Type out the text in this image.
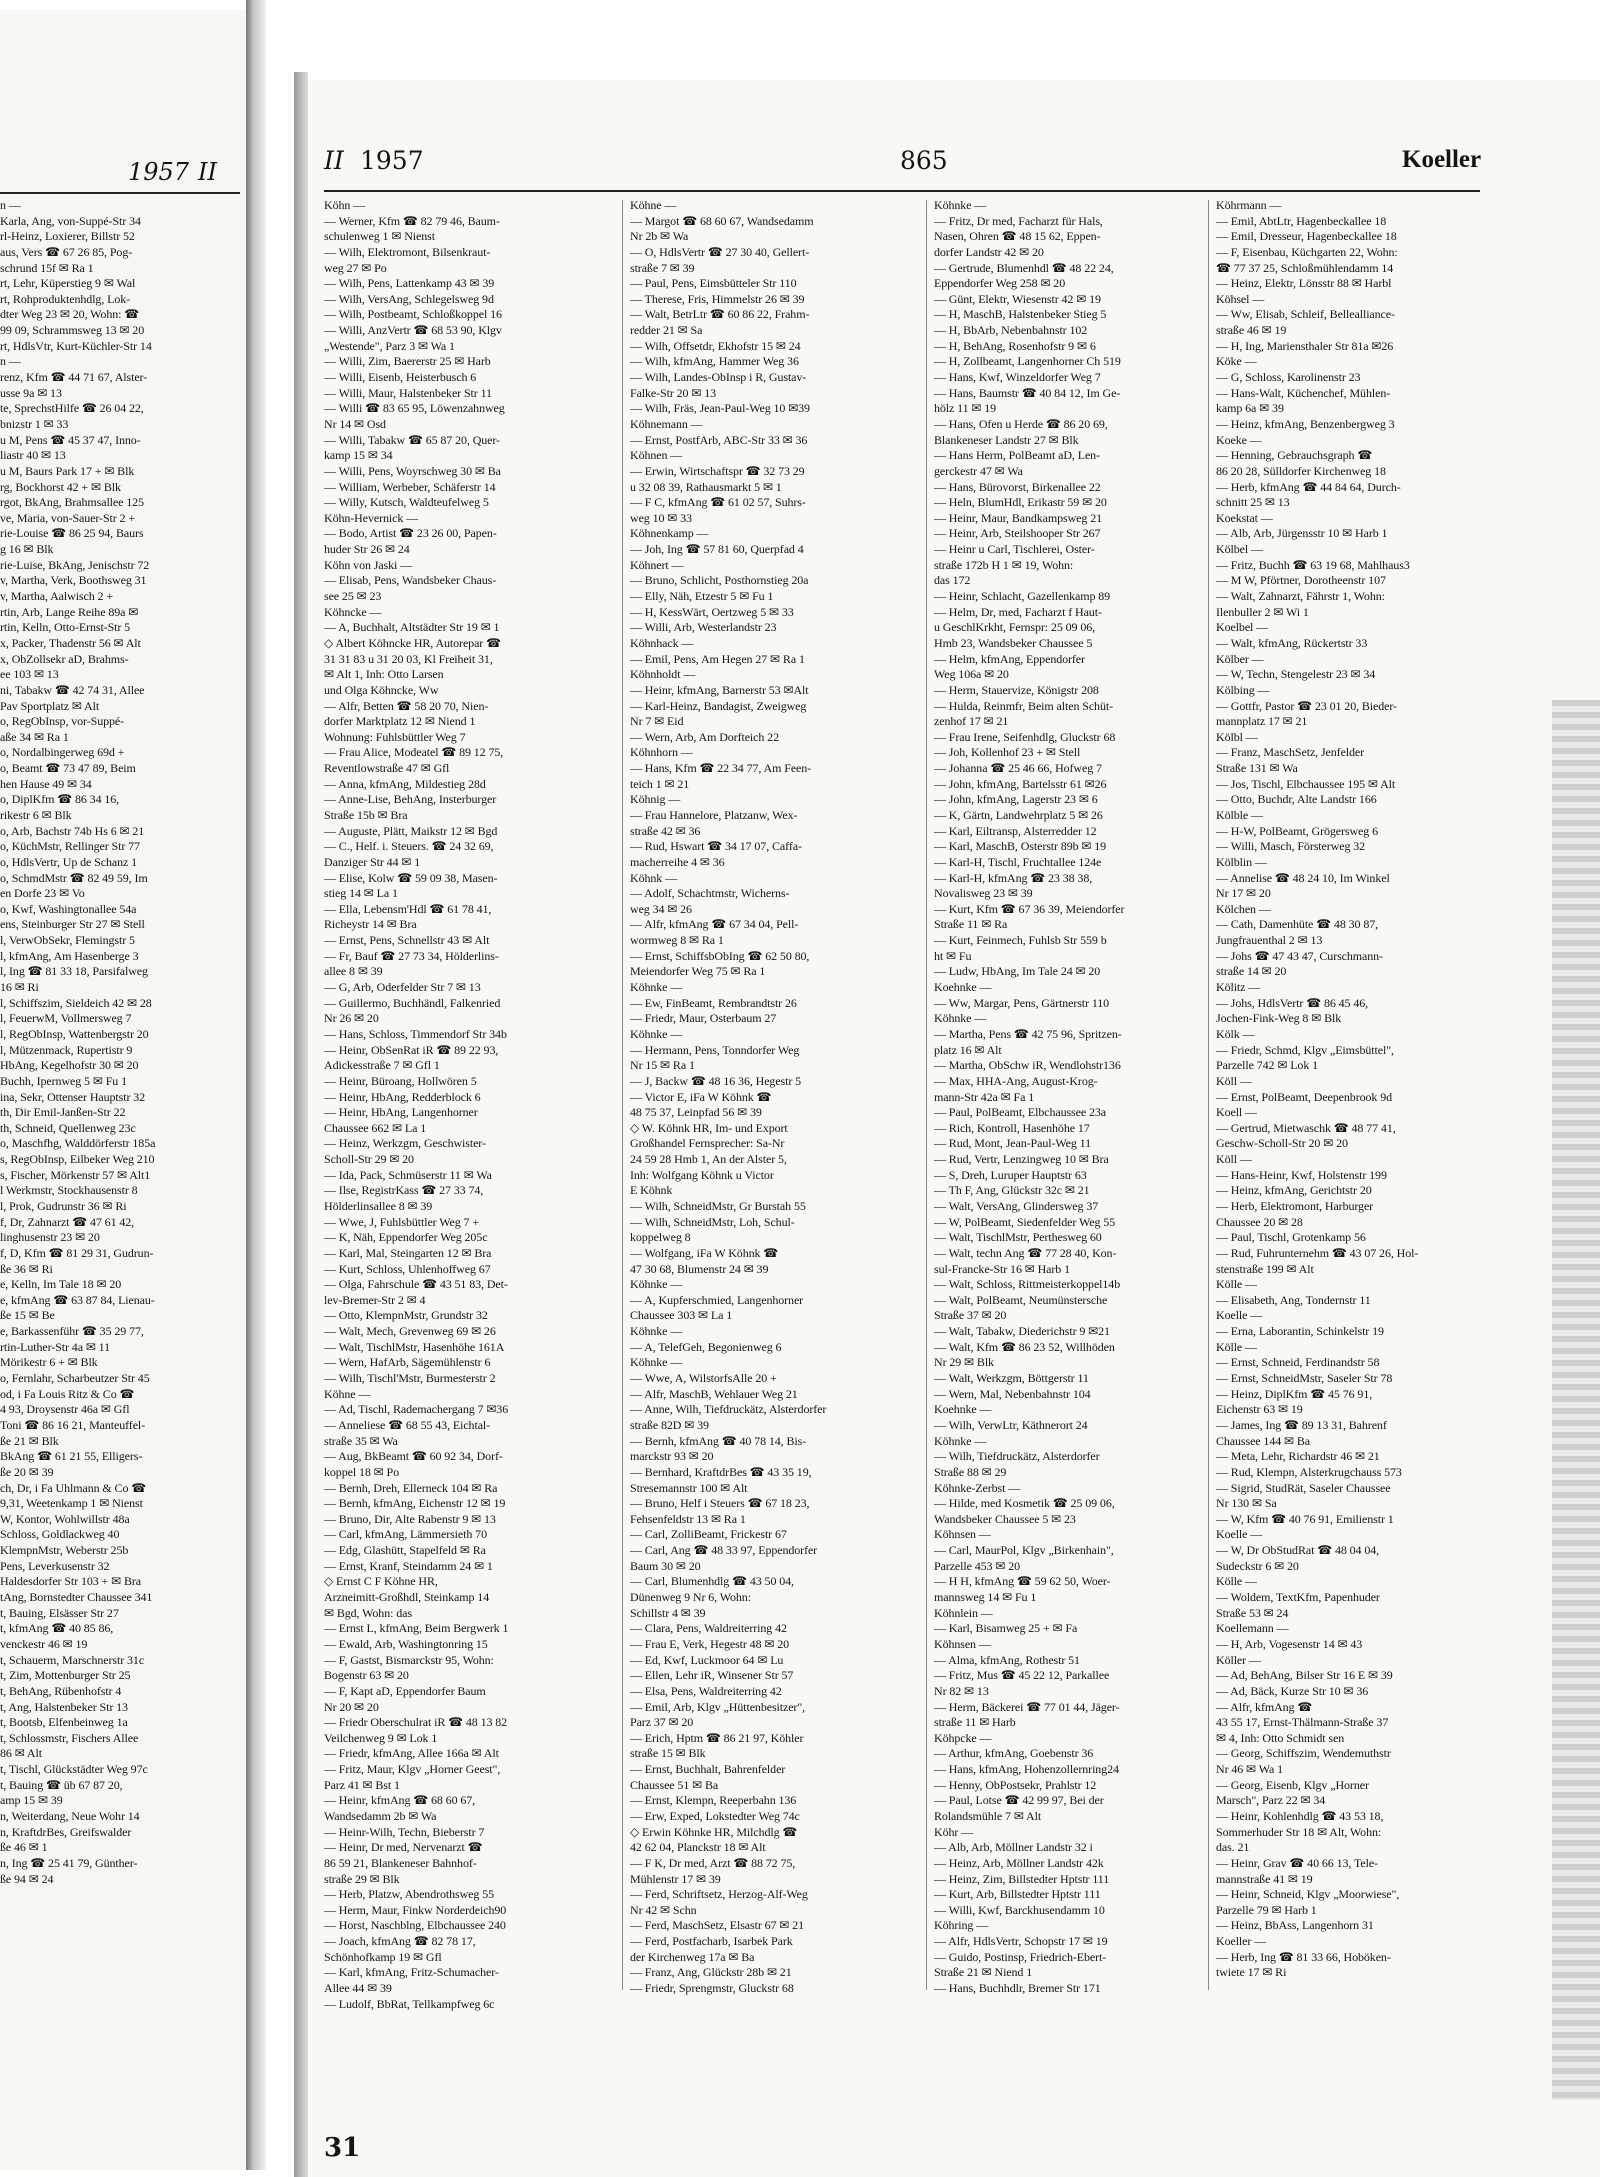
1957 II
n —
Karla, Ang, von-Suppé-Str 34
rl-Heinz, Loxierer, Billstr 52
aus, Vers ☎ 67 26 85, Pog-
schrund 15f ✉ Ra 1
rt, Lehr, Küperstieg 9 ✉ Wal
rt, Rohproduktenhdlg, Lok-
dter Weg 23 ✉ 20, Wohn: ☎
99 09, Schrammsweg 13 ✉ 20
rt, HdlsVtr, Kurt-Küchler-Str 14
n —
renz, Kfm ☎ 44 71 67, Alster-
usse 9a ✉ 13
te, SprechstHilfe ☎ 26 04 22,
bnizstr 1 ✉ 33
u M, Pens ☎ 45 37 47, Inno-
liastr 40 ✉ 13
u M, Baurs Park 17 + ✉ Blk
rg, Bockhorst 42 + ✉ Blk
rgot, BkAng, Brahmsallee 125
ve, Maria, von-Sauer-Str 2 +
rie-Louise ☎ 86 25 94, Baurs
g 16 ✉ Blk
rie-Luise, BkAng, Jenischstr 72
v, Martha, Verk, Boothsweg 31
v, Martha, Aalwisch 2 +
rtin, Arb, Lange Reihe 89a ✉
rtin, Kelln, Otto-Ernst-Str 5
x, Packer, Thadenstr 56 ✉ Alt
x, ObZollsekr aD, Brahms-
ee 103 ✉ 13
ni, Tabakw ☎ 42 74 31, Allee
Pav Sportplatz ✉ Alt
o, RegObInsp, vor-Suppé-
aße 34 ✉ Ra 1
o, Nordalbingerweg 69d +
o, Beamt ☎ 73 47 89, Beim
hen Hause 49 ✉ 34
o, DiplKfm ☎ 86 34 16,
rikestr 6 ✉ Blk
o, Arb, Bachstr 74b Hs 6 ✉ 21
o, KüchMstr, Rellinger Str 77
o, HdlsVertr, Up de Schanz 1
o, SchmdMstr ☎ 82 49 59, Im
en Dorfe 23 ✉ Vo
o, Kwf, Washingtonallee 54a
ens, Steinburger Str 27 ✉ Stell
l, VerwObSekr, Flemingstr 5
l, kfmAng, Am Hasenberge 3
l, Ing ☎ 81 33 18, Parsifalweg
16 ✉ Ri
l, Schiffszim, Sieldeich 42 ✉ 28
l, FeuerwM, Vollmersweg 7
l, RegObInsp, Wattenbergstr 20
l, Mützenmack, Rupertistr 9
HbAng, Kegelhofstr 30 ✉ 20
Buchh, Ipernweg 5 ✉ Fu 1
ina, Sekr, Ottenser Hauptstr 32
th, Dir Emil-Janßen-Str 22
th, Schneid, Quellenweg 23c
o, Maschfhg, Walddörferstr 185a
s, RegObInsp, Eilbeker Weg 210
s, Fischer, Mörkenstr 57 ✉ Alt1
l Werkmstr, Stockhausenstr 8
l, Prok, Gudrunstr 36 ✉ Ri
f, Dr, Zahnarzt ☎ 47 61 42,
linghusenstr 23 ✉ 20
f, D, Kfm ☎ 81 29 31, Gudrun-
ße 36 ✉ Ri
e, Kelln, Im Tale 18 ✉ 20
e, kfmAng ☎ 63 87 84, Lienau-
ße 15 ✉ Be
e, Barkassenführ ☎ 35 29 77,
rtin-Luther-Str 4a ✉ 11
Mörikestr 6 + ✉ Blk
o, Fernlahr, Scharbeutzer Str 45
od, i Fa Louis Ritz & Co ☎
4 93, Droysenstr 46a ✉ Gfl
Toni ☎ 86 16 21, Manteuffel-
ße 21 ✉ Blk
BkAng ☎ 61 21 55, Elligers-
ße 20 ✉ 39
ch, Dr, i Fa Uhlmann & Co ☎
9,31, Weetenkamp 1 ✉ Nienst
W, Kontor, Wohlwillstr 48a
Schloss, Goldlackweg 40
KlempnMstr, Weberstr 25b
Pens, Leverkusenstr 32
Haldesdorfer Str 103 + ✉ Bra
tAng, Bornstedter Chaussee 341
t, Bauing, Elsässer Str 27
t, kfmAng ☎ 40 85 86,
venckestr 46 ✉ 19
t, Schauerm, Marschnerstr 31c
t, Zim, Mottenburger Str 25
t, BehAng, Rübenhofstr 4
t, Ang, Halstenbeker Str 13
t, Bootsb, Elfenbeinweg 1a
t, Schlossmstr, Fischers Allee
86 ✉ Alt
t, Tischl, Glückstädter Weg 97c
t, Bauing ☎ üb 67 87 20,
amp 15 ✉ 39
n, Weiterdang, Neue Wohr 14
n, KraftdrBes, Greifswalder
ße 46 ✉ 1
n, Ing ☎ 25 41 79, Günther-
ße 94 ✉ 24
II 1957	865	Koeller
Köhn —
— Werner, Kfm ☎ 82 79 46, Baum-
schulenweg 1 ✉ Nienst
— Wilh, Elektromont, Bilsenkraut-
weg 27 ✉ Po
— Wilh, Pens, Lattenkamp 43 ✉ 39
— Wilh, VersAng, Schlegelsweg 9d
— Wilh, Postbeamt, Schloßkoppel 16
— Willi, AnzVertr ☎ 68 53 90, Klgv
„Westende", Parz 3 ✉ Wa 1
— Willi, Zim, Baererstr 25 ✉ Harb
— Willi, Eisenb, Heisterbusch 6
— Willi, Maur, Halstenbeker Str 11
— Willi ☎ 83 65 95, Löwenzahnweg
Nr 14 ✉ Osd
— Willi, Tabakw ☎ 65 87 20, Quer-
kamp 15 ✉ 34
— Willi, Pens, Woyrschweg 30 ✉ Ba
— William, Werbeber, Schäferstr 14
— Willy, Kutsch, Waldteufelweg 5
Köhn-Hevernick —
— Bodo, Artist ☎ 23 26 00, Papen-
huder Str 26 ✉ 24
Köhn von Jaski —
— Elisab, Pens, Wandsbeker Chaus-
see 25 ✉ 23
Köhncke —
— A, Buchhalt, Altstädter Str 19 ✉ 1
◇ Albert Köhncke HR, Autorepar ☎
31 31 83 u 31 20 03, Kl Freiheit 31,
✉ Alt 1, Inh: Otto Larsen
und Olga Köhncke, Ww
— Alfr, Betten ☎ 58 20 70, Nien-
dorfer Marktplatz 12 ✉ Niend 1
Wohnung: Fuhlsbüttler Weg 7
— Frau Alice, Modeatel ☎ 89 12 75,
Reventlowstraße 47 ✉ Gfl
— Anna, kfmAng, Mildestieg 28d
— Anne-Lise, BehAng, Insterburger
Straße 15b ✉ Bra
— Auguste, Plätt, Maikstr 12 ✉ Bgd
— C., Helf. i. Steuers. ☎ 24 32 69,
Danziger Str 44 ✉ 1
— Elise, Kolw ☎ 59 09 38, Masen-
stieg 14 ✉ La 1
— Ella, Lebensm'Hdl ☎ 61 78 41,
Richeystr 14 ✉ Bra
— Ernst, Pens, Schnellstr 43 ✉ Alt
— Fr, Bauf ☎ 27 73 34, Hölderlins-
allee 8 ✉ 39
— G, Arb, Oderfelder Str 7 ✉ 13
— Guillermo, Buchhändl, Falkenried
Nr 26 ✉ 20
— Hans, Schloss, Timmendorf Str 34b
— Heinr, ObSenRat iR ☎ 89 22 93,
Adickesstraße 7 ✉ Gfl 1
— Heinr, Büroang, Hollwören 5
— Heinr, HbAng, Redderblock 6
— Heinr, HbAng, Langenhorner
Chaussee 662 ✉ La 1
— Heinz, Werkzgm, Geschwister-
Scholl-Str 29 ✉ 20
— Ida, Pack, Schmüserstr 11 ✉ Wa
— Ilse, RegistrKass ☎ 27 33 74,
Hölderlinsallee 8 ✉ 39
— Wwe, J, Fuhlsbüttler Weg 7 +
— K, Näh, Eppendorfer Weg 205c
— Karl, Mal, Steingarten 12 ✉ Bra
— Kurt, Schloss, Uhlenhoffweg 67
— Olga, Fahrschule ☎ 43 51 83, Det-
lev-Bremer-Str 2 ✉ 4
— Otto, KlempnMstr, Grundstr 32
— Walt, Mech, Grevenweg 69 ✉ 26
— Walt, TischlMstr, Hasenhöhe 161A
— Wern, HafArb, Sägemühlenstr 6
— Wilh, Tischl'Mstr, Burmesterstr 2
Köhne —
— Ad, Tischl, Rademachergang 7 ✉36
— Anneliese ☎ 68 55 43, Eichtal-
straße 35 ✉ Wa
— Aug, BkBeamt ☎ 60 92 34, Dorf-
koppel 18 ✉ Po
— Bernh, Dreh, Ellerneck 104 ✉ Ra
— Bernh, kfmAng, Eichenstr 12 ✉ 19
— Bruno, Dir, Alte Rabenstr 9 ✉ 13
— Carl, kfmAng, Lämmersieth 70
— Edg, Glashütt, Stapelfeld ✉ Ra
— Ernst, Kranf, Steindamm 24 ✉ 1
◇ Ernst C F Köhne HR,
Arzneimitt-Großhdl, Steinkamp 14
✉ Bgd, Wohn: das
— Ernst L, kfmAng, Beim Bergwerk 1
— Ewald, Arb, Washingtonring 15
— F, Gastst, Bismarckstr 95, Wohn:
Bogenstr 63 ✉ 20
— F, Kapt aD, Eppendorfer Baum
Nr 20 ✉ 20
— Friedr Oberschulrat iR ☎ 48 13 82
Veilchenweg 9 ✉ Lok 1
— Friedr, kfmAng, Allee 166a ✉ Alt
— Fritz, Maur, Klgv „Horner Geest",
Parz 41 ✉ Bst 1
— Heinr, kfmAng ☎ 68 60 67,
Wandsedamm 2b ✉ Wa
— Heinr-Wilh, Techn, Bieberstr 7
— Heinr, Dr med, Nervenarzt ☎
86 59 21, Blankeneser Bahnhof-
straße 29 ✉ Blk
— Herb, Platzw, Abendrothsweg 55
— Herm, Maur, Finkw Norderdeich90
— Horst, Naschblng, Elbchaussee 240
— Joach, kfmAng ☎ 82 78 17,
Schönhofkamp 19 ✉ Gfl
— Karl, kfmAng, Fritz-Schumacher-
Allee 44 ✉ 39
— Ludolf, BbRat, Tellkampfweg 6c
Köhne —
— Margot ☎ 68 60 67, Wandsedamm
Nr 2b ✉ Wa
— O, HdlsVertr ☎ 27 30 40, Gellert-
straße 7 ✉ 39
— Paul, Pens, Eimsbütteler Str 110
— Therese, Fris, Himmelstr 26 ✉ 39
— Walt, BetrLtr ☎ 60 86 22, Frahm-
redder 21 ✉ Sa
— Wilh, Offsetdr, Ekhofstr 15 ✉ 24
— Wilh, kfmAng, Hammer Weg 36
— Wilh, Landes-ObInsp i R, Gustav-
Falke-Str 20 ✉ 13
— Wilh, Fräs, Jean-Paul-Weg 10 ✉39
Köhnemann —
— Ernst, PostfArb, ABC-Str 33 ✉ 36
Köhnen —
— Erwin, Wirtschaftspr ☎ 32 73 29
u 32 08 39, Rathausmarkt 5 ✉ 1
— F C, kfmAng ☎ 61 02 57, Suhrs-
weg 10 ✉ 33
Köhnenkamp —
— Joh, Ing ☎ 57 81 60, Querpfad 4
Köhnert —
— Bruno, Schlicht, Posthornstieg 20a
— Elly, Näh, Etzestr 5 ✉ Fu 1
— H, KessWärt, Oertzweg 5 ✉ 33
— Willi, Arb, Westerlandstr 23
Köhnhack —
— Emil, Pens, Am Hegen 27 ✉ Ra 1
Köhnholdt —
— Heinr, kfmAng, Barnerstr 53 ✉Alt
— Karl-Heinz, Bandagist, Zweigweg
Nr 7 ✉ Eid
— Wern, Arb, Am Dorfteich 22
Köhnhorn —
— Hans, Kfm ☎ 22 34 77, Am Feen-
teich 1 ✉ 21
Köhnig —
— Frau Hannelore, Platzanw, Wex-
straße 42 ✉ 36
— Rud, Hswart ☎ 34 17 07, Caffa-
macherreihe 4 ✉ 36
Köhnk —
— Adolf, Schachtmstr, Wicherns-
weg 34 ✉ 26
— Alfr, kfmAng ☎ 67 34 04, Pell-
wormweg 8 ✉ Ra 1
— Ernst, SchiffsbObIng ☎ 62 50 80,
Meiendorfer Weg 75 ✉ Ra 1
Köhnke —
— Ew, FinBeamt, Rembrandtstr 26
— Friedr, Maur, Osterbaum 27
Köhnke —
— Hermann, Pens, Tonndorfer Weg
Nr 15 ✉ Ra 1
— J, Backw ☎ 48 16 36, Hegestr 5
— Victor E, iFa W Köhnk ☎
48 75 37, Leinpfad 56 ✉ 39
◇ W. Köhnk HR, Im- und Export
Großhandel Fernsprecher: Sa-Nr
24 59 28 Hmb 1, An der Alster 5,
Inh: Wolfgang Köhnk u Victor
E Köhnk
— Wilh, SchneidMstr, Gr Burstah 55
— Wilh, SchneidMstr, Loh, Schul-
koppelweg 8
— Wolfgang, iFa W Köhnk ☎
47 30 68, Blumenstr 24 ✉ 39
Köhnke —
— A, Kupferschmied, Langenhorner
Chaussee 303 ✉ La 1
Köhnke —
— A, TelefGeh, Begonienweg 6
Köhnke —
— Wwe, A, WilstorfsAlle 20 +
— Alfr, MaschB, Wehlauer Weg 21
— Anne, Wilh, Tiefdruckätz, Alsterdorfer
straße 82D ✉ 39
— Bernh, kfmAng ☎ 40 78 14, Bis-
marckstr 93 ✉ 20
— Bernhard, KraftdrBes ☎ 43 35 19,
Stresemannstr 100 ✉ Alt
— Bruno, Helf i Steuers ☎ 67 18 23,
Fehsenfeldstr 13 ✉ Ra 1
— Carl, ZolliBeamt, Frickestr 67
— Carl, Ang ☎ 48 33 97, Eppendorfer
Baum 30 ✉ 20
— Carl, Blumenhdlg ☎ 43 50 04,
Dünenweg 9 Nr 6, Wohn:
Schillstr 4 ✉ 39
— Clara, Pens, Waldreiterring 42
— Frau E, Verk, Hegestr 48 ✉ 20
— Ed, Kwf, Luckmoor 64 ✉ Lu
— Ellen, Lehr iR, Winsener Str 57
— Elsa, Pens, Waldreiterring 42
— Emil, Arb, Klgv „Hüttenbesitzer",
Parz 37 ✉ 20
— Erich, Hptm ☎ 86 21 97, Köhler
straße 15 ✉ Blk
— Ernst, Buchhalt, Bahrenfelder
Chaussee 51 ✉ Ba
— Ernst, Klempn, Reeperbahn 136
— Erw, Exped, Lokstedter Weg 74c
◇ Erwin Köhnke HR, Milchdlg ☎
42 62 04, Planckstr 18 ✉ Alt
— F K, Dr med, Arzt ☎ 88 72 75,
Mühlenstr 17 ✉ 39
— Ferd, Schriftsetz, Herzog-Alf-Weg
Nr 42 ✉ Schn
— Ferd, MaschSetz, Elsastr 67 ✉ 21
— Ferd, Postfacharb, Isarbek Park
der Kirchenweg 17a ✉ Ba
— Franz, Ang, Glückstr 28b ✉ 21
— Friedr, Sprengmstr, Gluckstr 68
Köhnke —
— Fritz, Dr med, Facharzt für Hals,
Nasen, Ohren ☎ 48 15 62, Eppen-
dorfer Landstr 42 ✉ 20
— Gertrude, Blumenhdl ☎ 48 22 24,
Eppendorfer Weg 258 ✉ 20
— Günt, Elektr, Wiesenstr 42 ✉ 19
— H, MaschB, Halstenbeker Stieg 5
— H, BbArb, Nebenbahnstr 102
— H, BehAng, Rosenhofstr 9 ✉ 6
— H, Zollbeamt, Langenhorner Ch 519
— Hans, Kwf, Winzeldorfer Weg 7
— Hans, Baumstr ☎ 40 84 12, Im Ge-
hölz 11 ✉ 19
— Hans, Ofen u Herde ☎ 86 20 69,
Blankeneser Landstr 27 ✉ Blk
— Hans Herm, PolBeamt aD, Len-
gerckestr 47 ✉ Wa
— Hans, Bürovorst, Birkenallee 22
— Heln, BlumHdl, Erikastr 59 ✉ 20
— Heinr, Maur, Bandkampsweg 21
— Heinr, Arb, Steilshooper Str 267
— Heinr u Carl, Tischlerei, Oster-
straße 172b H 1 ✉ 19, Wohn:
das 172
— Heinr, Schlacht, Gazellenkamp 89
— Helm, Dr, med, Facharzt f Haut-
u GeschlKrkht, Fernspr: 25 09 06,
Hmb 23, Wandsbeker Chaussee 5
— Helm, kfmAng, Eppendorfer
Weg 106a ✉ 20
— Herm, Stauervize, Königstr 208
— Hulda, Reinmfr, Beim alten Schüt-
zenhof 17 ✉ 21
— Frau Irene, Seifenhdlg, Gluckstr 68
— Joh, Kollenhof 23 + ✉ Stell
— Johanna ☎ 25 46 66, Hofweg 7
— John, kfmAng, Bartelsstr 61 ✉26
— John, kfmAng, Lagerstr 23 ✉ 6
— K, Gärtn, Landwehrplatz 5 ✉ 26
— Karl, Eiltransp, Alsterredder 12
— Karl, MaschB, Osterstr 89b ✉ 19
— Karl-H, Tischl, Fruchtallee 124e
— Karl-H, kfmAng ☎ 23 38 38,
Novalisweg 23 ✉ 39
— Kurt, Kfm ☎ 67 36 39, Meiendorfer
Straße 11 ✉ Ra
— Kurt, Feinmech, Fuhlsb Str 559 b
ht ✉ Fu
— Ludw, HbAng, Im Tale 24 ✉ 20
Koehnke —
— Ww, Margar, Pens, Gärtnerstr 110
Köhnke —
— Martha, Pens ☎ 42 75 96, Spritzen-
platz 16 ✉ Alt
— Martha, ObSchw iR, Wendlohstr136
— Max, HHA-Ang, August-Krog-
mann-Str 42a ✉ Fa 1
— Paul, PolBeamt, Elbchaussee 23a
— Rich, Kontroll, Hasenhöhe 17
— Rud, Mont, Jean-Paul-Weg 11
— Rud, Vertr, Lenzingweg 10 ✉ Bra
— S, Dreh, Luruper Hauptstr 63
— Th F, Ang, Glückstr 32c ✉ 21
— Walt, VersAng, Glindersweg 37
— W, PolBeamt, Siedenfelder Weg 55
— Walt, TischlMstr, Perthesweg 60
— Walt, techn Ang ☎ 77 28 40, Kon-
sul-Francke-Str 16 ✉ Harb 1
— Walt, Schloss, Rittmeisterkoppel14b
— Walt, PolBeamt, Neumünstersche
Straße 37 ✉ 20
— Walt, Tabakw, Diederichstr 9 ✉21
— Walt, Kfm ☎ 86 23 52, Willhöden
Nr 29 ✉ Blk
— Walt, Werkzgm, Böttgerstr 11
— Wern, Mal, Nebenbahnstr 104
Koehnke —
— Wilh, VerwLtr, Käthnerort 24
Köhnke —
— Wilh, Tiefdruckätz, Alsterdorfer
Straße 88 ✉ 29
Köhnke-Zerbst —
— Hilde, med Kosmetik ☎ 25 09 06,
Wandsbeker Chaussee 5 ✉ 23
Köhnsen —
— Carl, MaurPol, Klgv „Birkenhain",
Parzelle 453 ✉ 20
— H H, kfmAng ☎ 59 62 50, Woer-
mannsweg 14 ✉ Fu 1
Köhnlein —
— Karl, Bisamweg 25 + ✉ Fa
Köhnsen —
— Alma, kfmAng, Rothestr 51
— Fritz, Mus ☎ 45 22 12, Parkallee
Nr 82 ✉ 13
— Herm, Bäckerei ☎ 77 01 44, Jäger-
straße 11 ✉ Harb
Köhpcke —
— Arthur, kfmAng, Goebenstr 36
— Hans, kfmAng, Hohenzollernring24
— Henny, ObPostsekr, Prahlstr 12
— Paul, Lotse ☎ 42 99 97, Bei der
Rolandsmühle 7 ✉ Alt
Köhr —
— Alb, Arb, Möllner Landstr 32 i
— Heinz, Arb, Möllner Landstr 42k
— Heinz, Zim, Billstedter Hptstr 111
— Kurt, Arb, Billstedter Hptstr 111
— Willi, Kwf, Barckhusendamm 10
Köhring —
— Alfr, HdlsVertr, Schopstr 17 ✉ 19
— Guido, Postinsp, Friedrich-Ebert-
Straße 21 ✉ Niend 1
— Hans, Buchhdlr, Bremer Str 171
Köhrmann —
— Emil, AbtLtr, Hagenbeckallee 18
— Emil, Dresseur, Hagenbeckallee 18
— F, Eisenbau, Küchgarten 22, Wohn:
☎ 77 37 25, Schloßmühlendamm 14
— Heinz, Elektr, Lönsstr 88 ✉ Harbl
Köhsel —
— Ww, Elisab, Schleif, Bellealliance-
straße 46 ✉ 19
— H, Ing, Mariensthaler Str 81a ✉26
Köke —
— G, Schloss, Karolinenstr 23
— Hans-Walt, Küchenchef, Mühlen-
kamp 6a ✉ 39
— Heinz, kfmAng, Benzenbergweg 3
Koeke —
— Henning, Gebrauchsgraph ☎
86 20 28, Sülldorfer Kirchenweg 18
— Herb, kfmAng ☎ 44 84 64, Durch-
schnitt 25 ✉ 13
Koekstat —
— Alb, Arb, Jürgensstr 10 ✉ Harb 1
Kölbel —
— Fritz, Buchh ☎ 63 19 68, Mahlhaus3
— M W, Pförtner, Dorotheenstr 107
— Walt, Zahnarzt, Fährstr 1, Wohn:
Ilenbuller 2 ✉ Wi 1
Koelbel —
— Walt, kfmAng, Rückertstr 33
Kölber —
— W, Techn, Stengelestr 23 ✉ 34
Kölbing —
— Gottfr, Pastor ☎ 23 01 20, Bieder-
mannplatz 17 ✉ 21
Kölbl —
— Franz, MaschSetz, Jenfelder
Straße 131 ✉ Wa
— Jos, Tischl, Elbchaussee 195 ✉ Alt
— Otto, Buchdr, Alte Landstr 166
Kölble —
— H-W, PolBeamt, Grögersweg 6
— Willi, Masch, Försterweg 32
Kölblin —
— Annelise ☎ 48 24 10, Im Winkel
Nr 17 ✉ 20
Kölchen —
— Cath, Damenhüte ☎ 48 30 87,
Jungfrauenthal 2 ✉ 13
— Johs ☎ 47 43 47, Curschmann-
straße 14 ✉ 20
Kölitz —
— Johs, HdlsVertr ☎ 86 45 46,
Jochen-Fink-Weg 8 ✉ Blk
Kölk —
— Friedr, Schmd, Klgv „Eimsbüttel",
Parzelle 742 ✉ Lok 1
Köll —
— Ernst, PolBeamt, Deepenbrook 9d
Koell —
— Gertrud, Mietwaschk ☎ 48 77 41,
Geschw-Scholl-Str 20 ✉ 20
Köll —
— Hans-Heinr, Kwf, Holstenstr 199
— Heinz, kfmAng, Gerichtstr 20
— Herb, Elektromont, Harburger
Chaussee 20 ✉ 28
— Paul, Tischl, Grotenkamp 56
— Rud, Fuhrunternehm ☎ 43 07 26, Hol-
stenstraße 199 ✉ Alt
Kölle —
— Elisabeth, Ang, Tondernstr 11
Koelle —
— Erna, Laborantin, Schinkelstr 19
Kölle —
— Ernst, Schneid, Ferdinandstr 58
— Ernst, SchneidMstr, Saseler Str 78
— Heinz, DiplKfm ☎ 45 76 91,
Eichenstr 63 ✉ 19
— James, Ing ☎ 89 13 31, Bahrenf
Chaussee 144 ✉ Ba
— Meta, Lehr, Richardstr 46 ✉ 21
— Rud, Klempn, Alsterkrugchauss 573
— Sigrid, StudRät, Saseler Chaussee
Nr 130 ✉ Sa
— W, Kfm ☎ 40 76 91, Emilienstr 1
Koelle —
— W, Dr ObStudRat ☎ 48 04 04,
Sudeckstr 6 ✉ 20
Kölle —
— Woldem, TextKfm, Papenhuder
Straße 53 ✉ 24
Koellemann —
— H, Arb, Vogesenstr 14 ✉ 43
Köller —
— Ad, BehAng, Bilser Str 16 E ✉ 39
— Ad, Bäck, Kurze Str 10 ✉ 36
— Alfr, kfmAng ☎
43 55 17, Ernst-Thälmann-Straße 37
✉ 4, Inh: Otto Schmidt sen
— Georg, Schiffszim, Wendemuthstr
Nr 46 ✉ Wa 1
— Georg, Eisenb, Klgv „Horner
Marsch", Parz 22 ✉ 34
— Heinr, Kohlenhdlg ☎ 43 53 18,
Sommerhuder Str 18 ✉ Alt, Wohn:
das. 21
— Heinr, Grav ☎ 40 66 13, Tele-
mannstraße 41 ✉ 19
— Heinr, Schneid, Klgv „Moorwiese",
Parzelle 79 ✉ Harb 1
— Heinz, BbAss, Langenhorn 31
Koeller —
— Herb, Ing ☎ 81 33 66, Hoböken-
twiete 17 ✉ Ri
31
